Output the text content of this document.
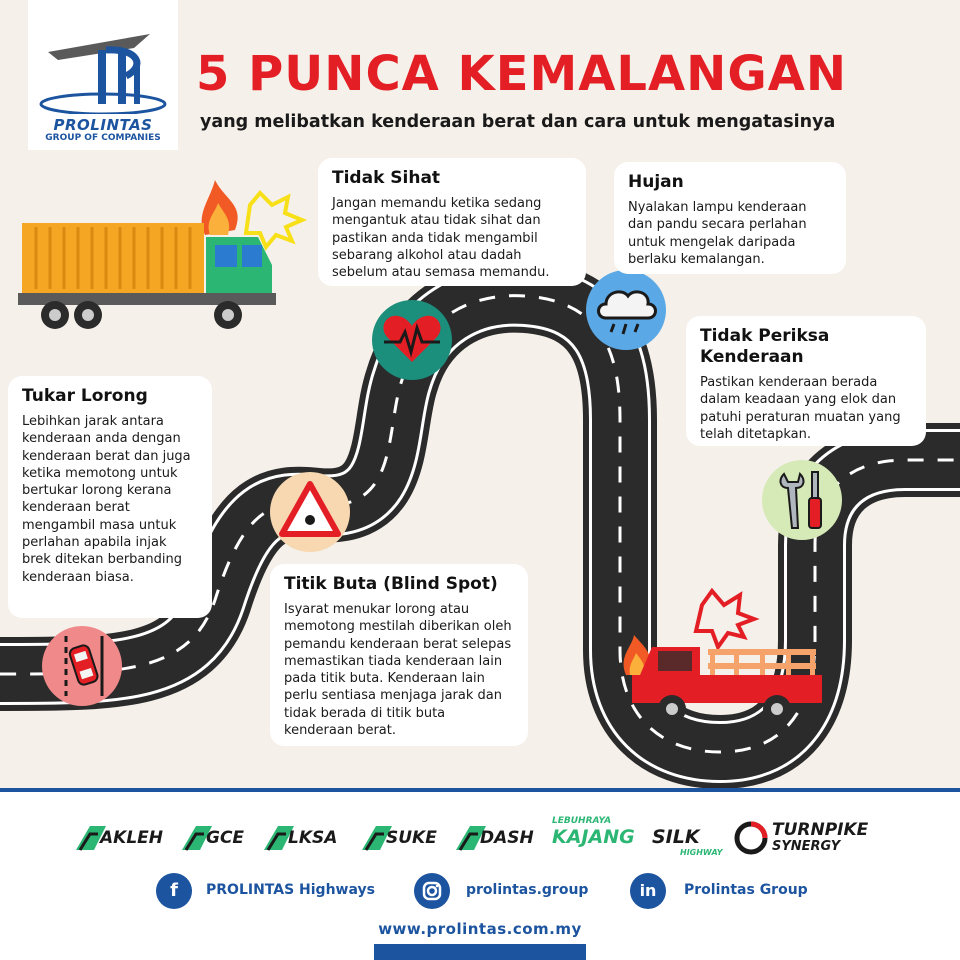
PROLINTAS
GROUP OF COMPANIES
5 PUNCA KEMALANGAN
yang melibatkan kenderaan berat dan cara untuk mengatasinya
Tidak Sihat

Jangan memandu ketika sedang mengantuk atau tidak sihat dan pastikan anda tidak mengambil sebarang alkohol atau dadah sebelum atau semasa memandu.

Hujan

Nyalakan lampu kenderaan dan pandu secara perlahan untuk mengelak daripada berlaku kemalangan.

Tidak Periksa Kenderaan

Pastikan kenderaan berada dalam keadaan yang elok dan patuhi peraturan muatan yang telah ditetapkan.

Tukar Lorong

Lebihkan jarak antara kenderaan anda dengan kenderaan berat dan juga ketika memotong untuk bertukar lorong kerana kenderaan berat mengambil masa untuk perlahan apabila injak brek ditekan berbanding kenderaan biasa.	Titik Buta (Blind Spot)

Isyarat menukar lorong atau memotong mestilah diberikan oleh pemandu kenderaan berat selepas memastikan tiada kenderaan lain pada titik buta. Kenderaan lain perlu sentiasa menjaga jarak dan tidak berada di titik buta kenderaan berat.

AKLEH	GCE	LKSA	SUKE	DASH
LEBUHRAYA
KAJANG SILK
HIGHWAY
TURNPIKE
SYNERGY
f	PROLINTAS Highways	prolintas.group	in	Prolintas Group
www.prolintas.com.my
